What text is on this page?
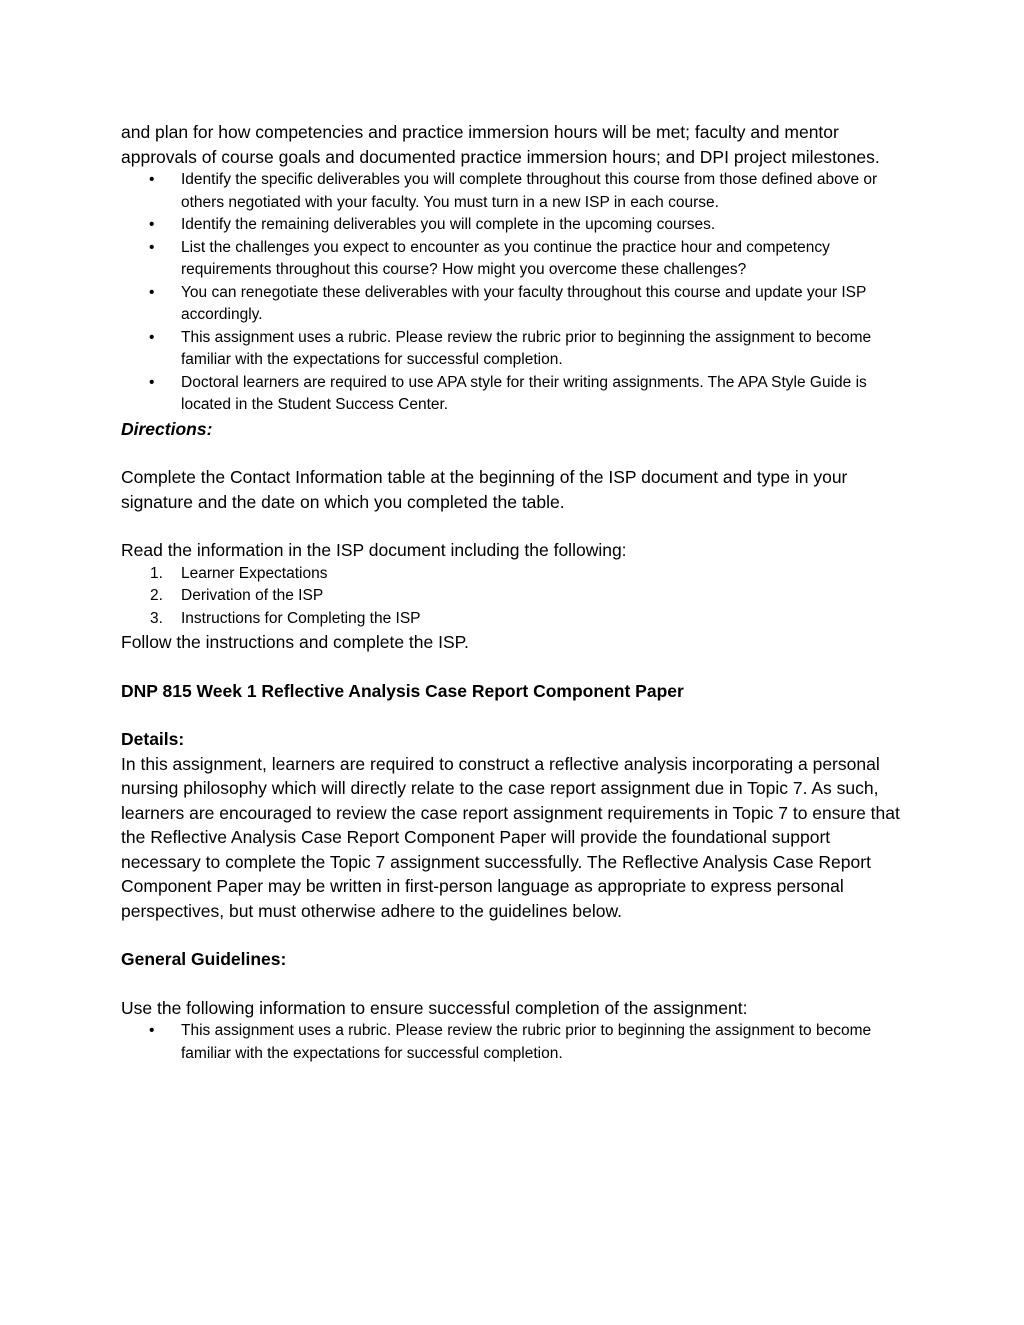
and plan for how competencies and practice immersion hours will be met; faculty and mentor approvals of course goals and documented practice immersion hours; and DPI project milestones.

• Identify the specific deliverables you will complete throughout this course from those defined above or others negotiated with your faculty. You must turn in a new ISP in each course.
• Identify the remaining deliverables you will complete in the upcoming courses.
• List the challenges you expect to encounter as you continue the practice hour and competency requirements throughout this course? How might you overcome these challenges?
• You can renegotiate these deliverables with your faculty throughout this course and update your ISP accordingly.
• This assignment uses a rubric. Please review the rubric prior to beginning the assignment to become familiar with the expectations for successful completion.
• Doctoral learners are required to use APA style for their writing assignments. The APA Style Guide is located in the Student Success Center.

Directions:

Complete the Contact Information table at the beginning of the ISP document and type in your signature and the date on which you completed the table.

Read the information in the ISP document including the following:

1. Learner Expectations
2. Derivation of the ISP
3. Instructions for Completing the ISP

Follow the instructions and complete the ISP.

DNP 815 Week 1 Reflective Analysis Case Report Component Paper

Details:

In this assignment, learners are required to construct a reflective analysis incorporating a personal nursing philosophy which will directly relate to the case report assignment due in Topic 7. As such, learners are encouraged to review the case report assignment requirements in Topic 7 to ensure that the Reflective Analysis Case Report Component Paper will provide the foundational support necessary to complete the Topic 7 assignment successfully. The Reflective Analysis Case Report Component Paper may be written in first-person language as appropriate to express personal perspectives, but must otherwise adhere to the guidelines below.

General Guidelines:

Use the following information to ensure successful completion of the assignment:

• This assignment uses a rubric. Please review the rubric prior to beginning the assignment to become familiar with the expectations for successful completion.
